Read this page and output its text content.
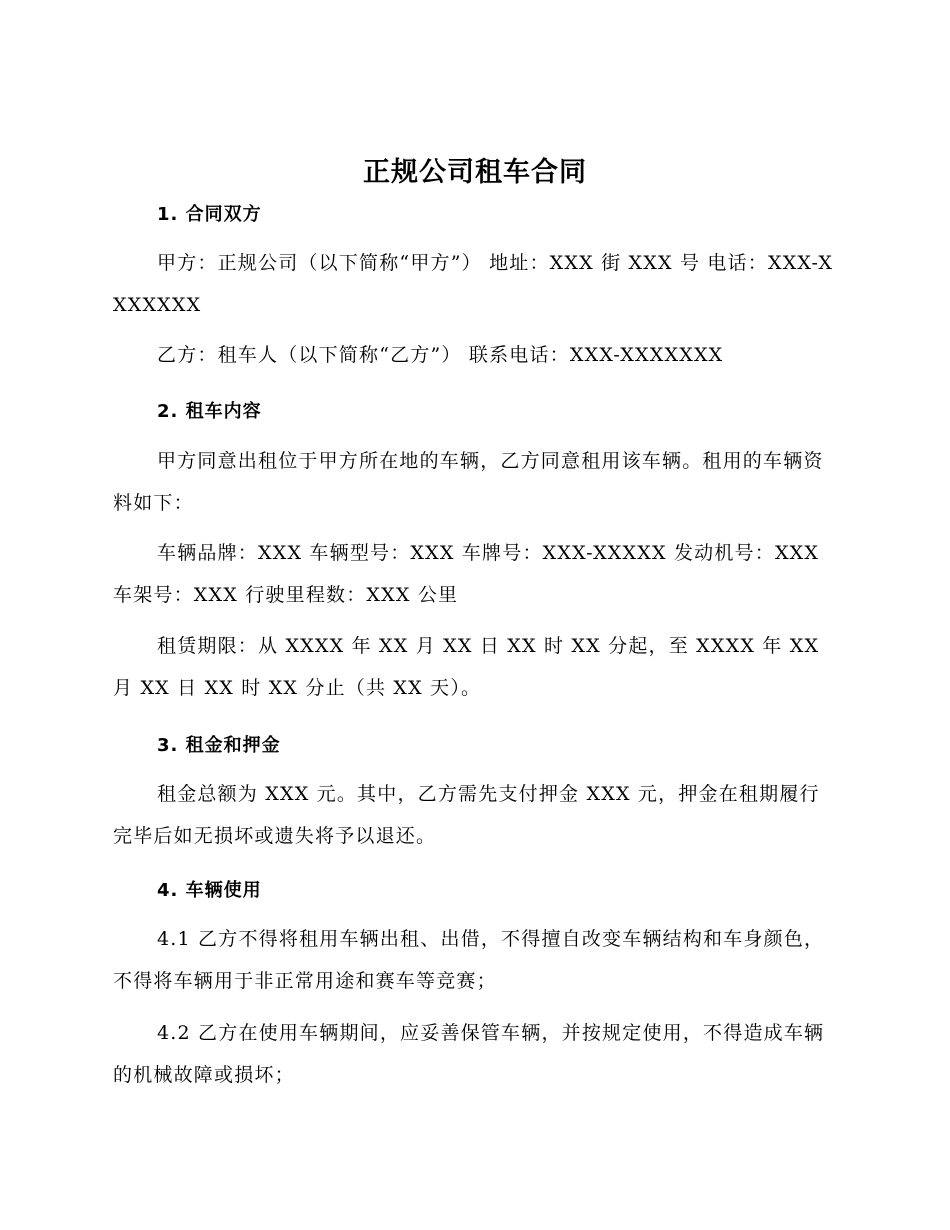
正规公司租车合同
1. 合同双方
甲方：正规公司（以下简称“甲方”） 地址：XXX 街 XXX 号 电话：XXX-XXXXXXX
乙方：租车人（以下简称“乙方”） 联系电话：XXX-XXXXXXX
2. 租车内容
甲方同意出租位于甲方所在地的车辆，乙方同意租用该车辆。租用的车辆资料如下：
车辆品牌：XXX 车辆型号：XXX 车牌号：XXX-XXXXX 发动机号：XXX 车架号：XXX 行驶里程数：XXX 公里
租赁期限：从 XXXX 年 XX 月 XX 日 XX 时 XX 分起，至 XXXX 年 XX 月 XX 日 XX 时 XX 分止（共 XX 天）。
3. 租金和押金
租金总额为 XXX 元。其中，乙方需先支付押金 XXX 元，押金在租期履行完毕后如无损坏或遗失将予以退还。
4. 车辆使用
4.1 乙方不得将租用车辆出租、出借，不得擅自改变车辆结构和车身颜色，不得将车辆用于非正常用途和赛车等竞赛；
4.2 乙方在使用车辆期间，应妥善保管车辆，并按规定使用，不得造成车辆的机械故障或损坏；
